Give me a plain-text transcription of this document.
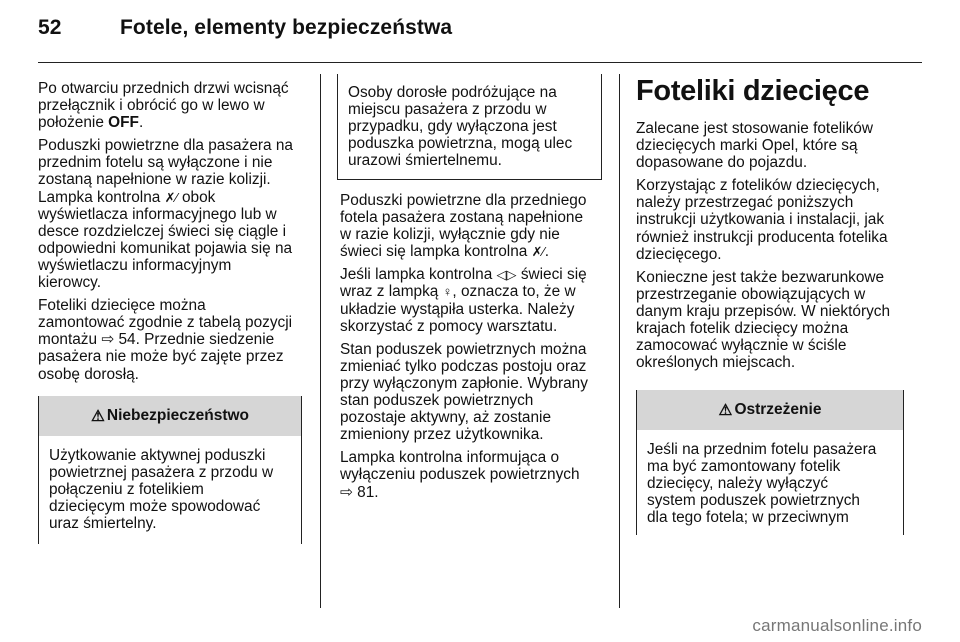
52	Fotele, elementy bezpieczeństwa

Po otwarciu przednich drzwi wcisnąć
przełącznik i obrócić go w lewo w
położenie OFF.

Poduszki powietrzne dla pasażera na
przednim fotelu są wyłączone i nie
zostaną napełnione w razie kolizji.
Lampka kontrolna ✗︎⁄ obok
wyświetlacza informacyjnego lub w
desce rozdzielczej świeci się ciągle i
odpowiedni komunikat pojawia się na
wyświetlaczu informacyjnym
kierowcy.

Foteliki dziecięce można
zamontować zgodnie z tabelą pozycji
montażu ⇨ 54. Przednie siedzenie
pasażera nie może być zajęte przez
osobę dorosłą.

⚠ Niebezpieczeństwo
Użytkowanie aktywnej poduszki
powietrznej pasażera z przodu w
połączeniu z fotelikiem
dziecięcym może spowodować
uraz śmiertelny.
Osoby dorosłe podróżujące na
miejscu pasażera z przodu w
przypadku, gdy wyłączona jest
poduszka powietrzna, mogą ulec
urazowi śmiertelnemu.

Poduszki powietrzne dla przedniego
fotela pasażera zostaną napełnione
w razie kolizji, wyłącznie gdy nie
świeci się lampka kontrolna ✗︎⁄.

Jeśli lampka kontrolna ◁▷ świeci się
wraz z lampką ♀, oznacza to, że w
układzie wystąpiła usterka. Należy
skorzystać z pomocy warsztatu.

Stan poduszek powietrznych można
zmieniać tylko podczas postoju oraz
przy wyłączonym zapłonie. Wybrany
stan poduszek powietrznych
pozostaje aktywny, aż zostanie
zmieniony przez użytkownika.

Lampka kontrolna informująca o
wyłączeniu poduszek powietrznych
⇨ 81.

Foteliki dziecięce

Zalecane jest stosowanie fotelików
dziecięcych marki Opel, które są
dopasowane do pojazdu.

Korzystając z fotelików dziecięcych,
należy przestrzegać poniższych
instrukcji użytkowania i instalacji, jak
również instrukcji producenta fotelika
dziecięcego.

Konieczne jest także bezwarunkowe
przestrzeganie obowiązujących w
danym kraju przepisów. W niektórych
krajach fotelik dziecięcy można
zamocować wyłącznie w ściśle
określonych miejscach.

⚠ Ostrzeżenie
Jeśli na przednim fotelu pasażera
ma być zamontowany fotelik
dziecięcy, należy wyłączyć
system poduszek powietrznych
dla tego fotela; w przeciwnym
carmanualsonline.info
